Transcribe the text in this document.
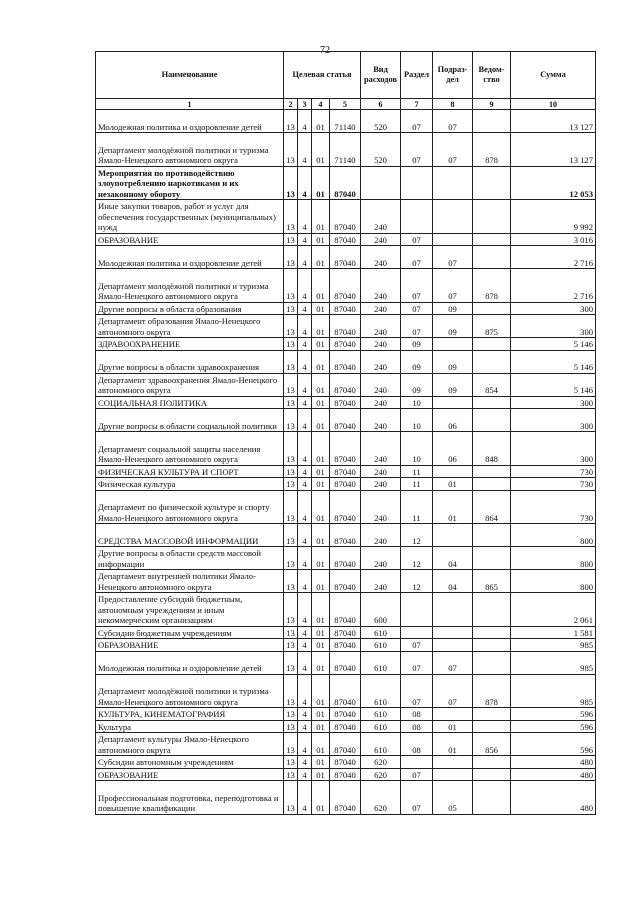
72
Наименование	Целевая статья				Вид расходов	Раздел	Подраз-дел	Ведом-ство	Сумма
1	2	3	4	5	6	7	8	9	10
Молодежная политика и оздоровление детей	13	4	01	71140	520	07	07		13 127
Департамент молодёжной политики и туризма Ямало-Ненецкого автономного округа	13	4	01	71140	520	07	07	878	13 127
Мероприятия по противодействию злоупотреблению наркотиками и их незаконному обороту	13	4	01	87040					12 053
Иные закупки товаров, работ и услуг для обеспечения государственных (муниципальных) нужд	13	4	01	87040	240				9 992
ОБРАЗОВАНИЕ	13	4	01	87040	240	07			3 016
Молодежная политика и оздоровление детей	13	4	01	87040	240	07	07		2 716
Департамент молодёжной политики и туризма Ямало-Ненецкого автономного округа	13	4	01	87040	240	07	07	878	2 716
Другие вопросы в областа образования	13	4	01	87040	240	07	09		300
Департамент образования Ямало-Ненецкого автономного округа	13	4	01	87040	240	07	09	875	300
ЗДРАВООХРАНЕНИЕ	13	4	01	87040	240	09			5 146
Другие вопросы в области здравоохранения	13	4	01	87040	240	09	09		5 146
Департамент здравоохранения Ямало-Ненецкого автономного округа	13	4	01	87040	240	09	09	854	5 146
СОЦИАЛЬНАЯ ПОЛИТИКА	13	4	01	87040	240	10			300
Другие вопросы в области социальной политики	13	4	01	87040	240	10	06		300
Департамент социальной защиты населения Ямало-Ненецкого автономного округа	13	4	01	87040	240	10	06	848	300
ФИЗИЧЕСКАЯ КУЛЬТУРА И СПОРТ	13	4	01	87040	240	11			730
Физическая культура	13	4	01	87040	240	11	01		730
Департамент по физической культуре и спорту Ямало-Ненецкого автономного округа	13	4	01	87040	240	11	01	864	730
СРЕДСТВА МАССОВОЙ ИНФОРМАЦИИ	13	4	01	87040	240	12			800
Другие вопросы в области средств массовой информации	13	4	01	87040	240	12	04		800
Департамент внутренней политики Ямало-Ненецкого автономного округа	13	4	01	87040	240	12	04	865	800
Предоставление субсидий бюджетным, автономным учреждениям и иным некоммерческим организациям	13	4	01	87040	600				2 061
Субсидии бюджетным учреждениям	13	4	01	87040	610				1 581
ОБРАЗОВАНИЕ	13	4	01	87040	610	07			985
Молодежная политика и оздоровление детей	13	4	01	87040	610	07	07		985
Департамент молодёжной политики и туризма Ямало-Ненецкого автономного округа	13	4	01	87040	610	07	07	878	985
КУЛЬТУРА, КИНЕМАТОГРАФИЯ	13	4	01	87040	610	08			596
Культура	13	4	01	87040	610	08	01		596
Департамент культуры Ямало-Ненецкого автономного округа	13	4	01	87040	610	08	01	856	596
Субсидии автономным учреждениям	13	4	01	87040	620				480
ОБРАЗОВАНИЕ	13	4	01	87040	620	07			480
Профессиональная подготовка, переподготовка и повышение квалификации	13	4	01	87040	620	07	05		480
